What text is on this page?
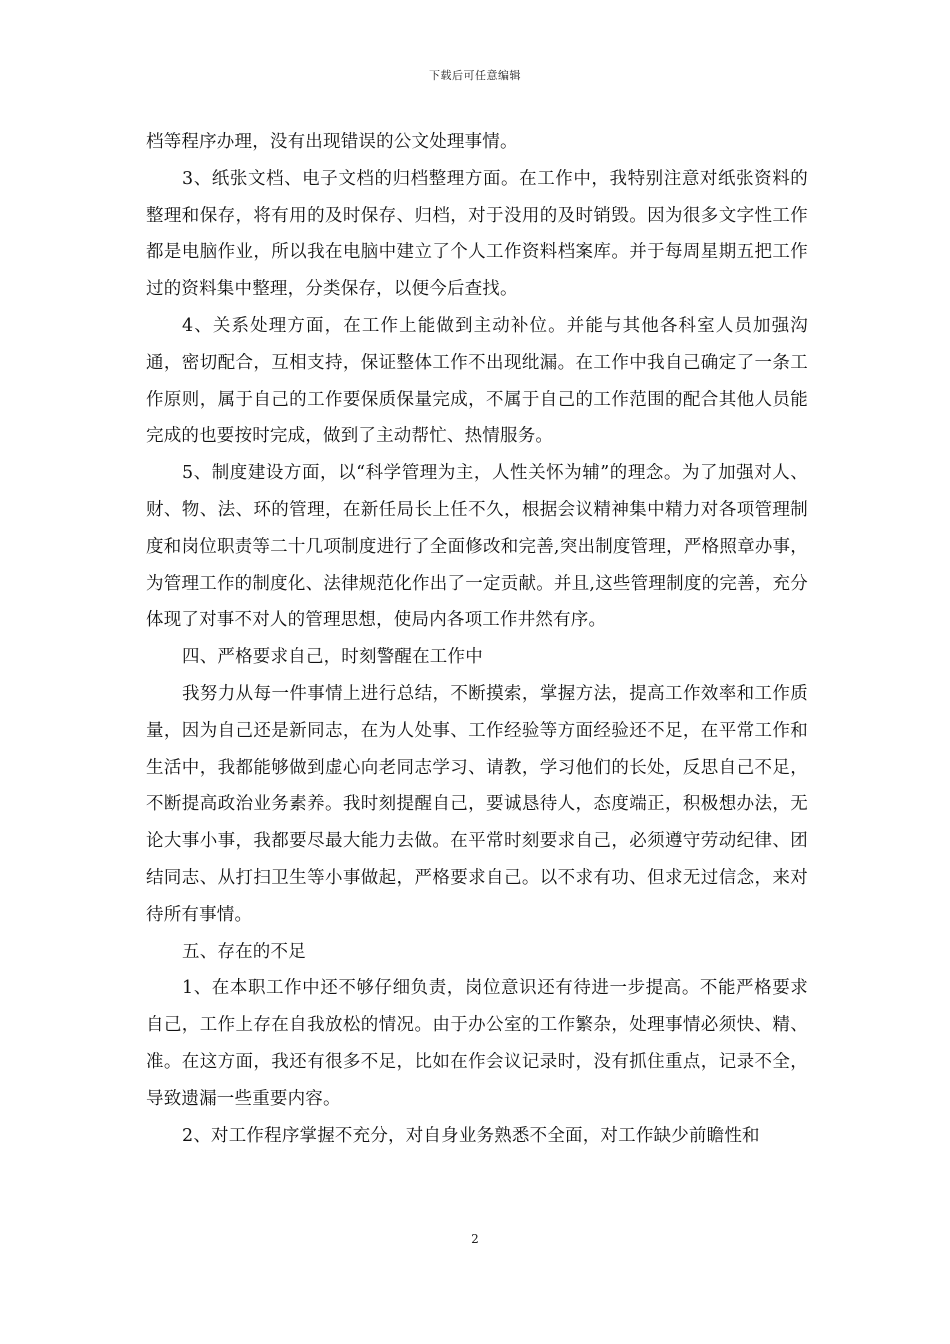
下载后可任意编辑

档等程序办理，没有出现错误的公文处理事情。

3、纸张文档、电子文档的归档整理方面。在工作中，我特别注意对纸张资料的整理和保存，将有用的及时保存、归档，对于没用的及时销毁。因为很多文字性工作都是电脑作业，所以我在电脑中建立了个人工作资料档案库。并于每周星期五把工作过的资料集中整理，分类保存，以便今后查找。

4、关系处理方面，在工作上能做到主动补位。并能与其他各科室人员加强沟通，密切配合，互相支持，保证整体工作不出现纰漏。在工作中我自己确定了一条工作原则，属于自己的工作要保质保量完成，不属于自己的工作范围的配合其他人员能完成的也要按时完成，做到了主动帮忙、热情服务。

5、制度建设方面，以“科学管理为主，人性关怀为辅”的理念。为了加强对人、财、物、法、环的管理，在新任局长上任不久，根据会议精神集中精力对各项管理制度和岗位职责等二十几项制度进行了全面修改和完善,突出制度管理，严格照章办事，为管理工作的制度化、法律规范化作出了一定贡献。并且,这些管理制度的完善，充分体现了对事不对人的管理思想，使局内各项工作井然有序。

四、严格要求自己，时刻警醒在工作中

我努力从每一件事情上进行总结，不断摸索，掌握方法，提高工作效率和工作质量，因为自己还是新同志，在为人处事、工作经验等方面经验还不足，在平常工作和生活中，我都能够做到虚心向老同志学习、请教，学习他们的长处，反思自己不足，不断提高政治业务素养。我时刻提醒自己，要诚恳待人，态度端正，积极想办法，无论大事小事，我都要尽最大能力去做。在平常时刻要求自己，必须遵守劳动纪律、团结同志、从打扫卫生等小事做起，严格要求自己。以不求有功、但求无过信念，来对待所有事情。

五、存在的不足

1、在本职工作中还不够仔细负责，岗位意识还有待进一步提高。不能严格要求自己，工作上存在自我放松的情况。由于办公室的工作繁杂，处理事情必须快、精、准。在这方面，我还有很多不足，比如在作会议记录时，没有抓住重点，记录不全，导致遗漏一些重要内容。

2、对工作程序掌握不充分，对自身业务熟悉不全面，对工作缺少前瞻性和

2
